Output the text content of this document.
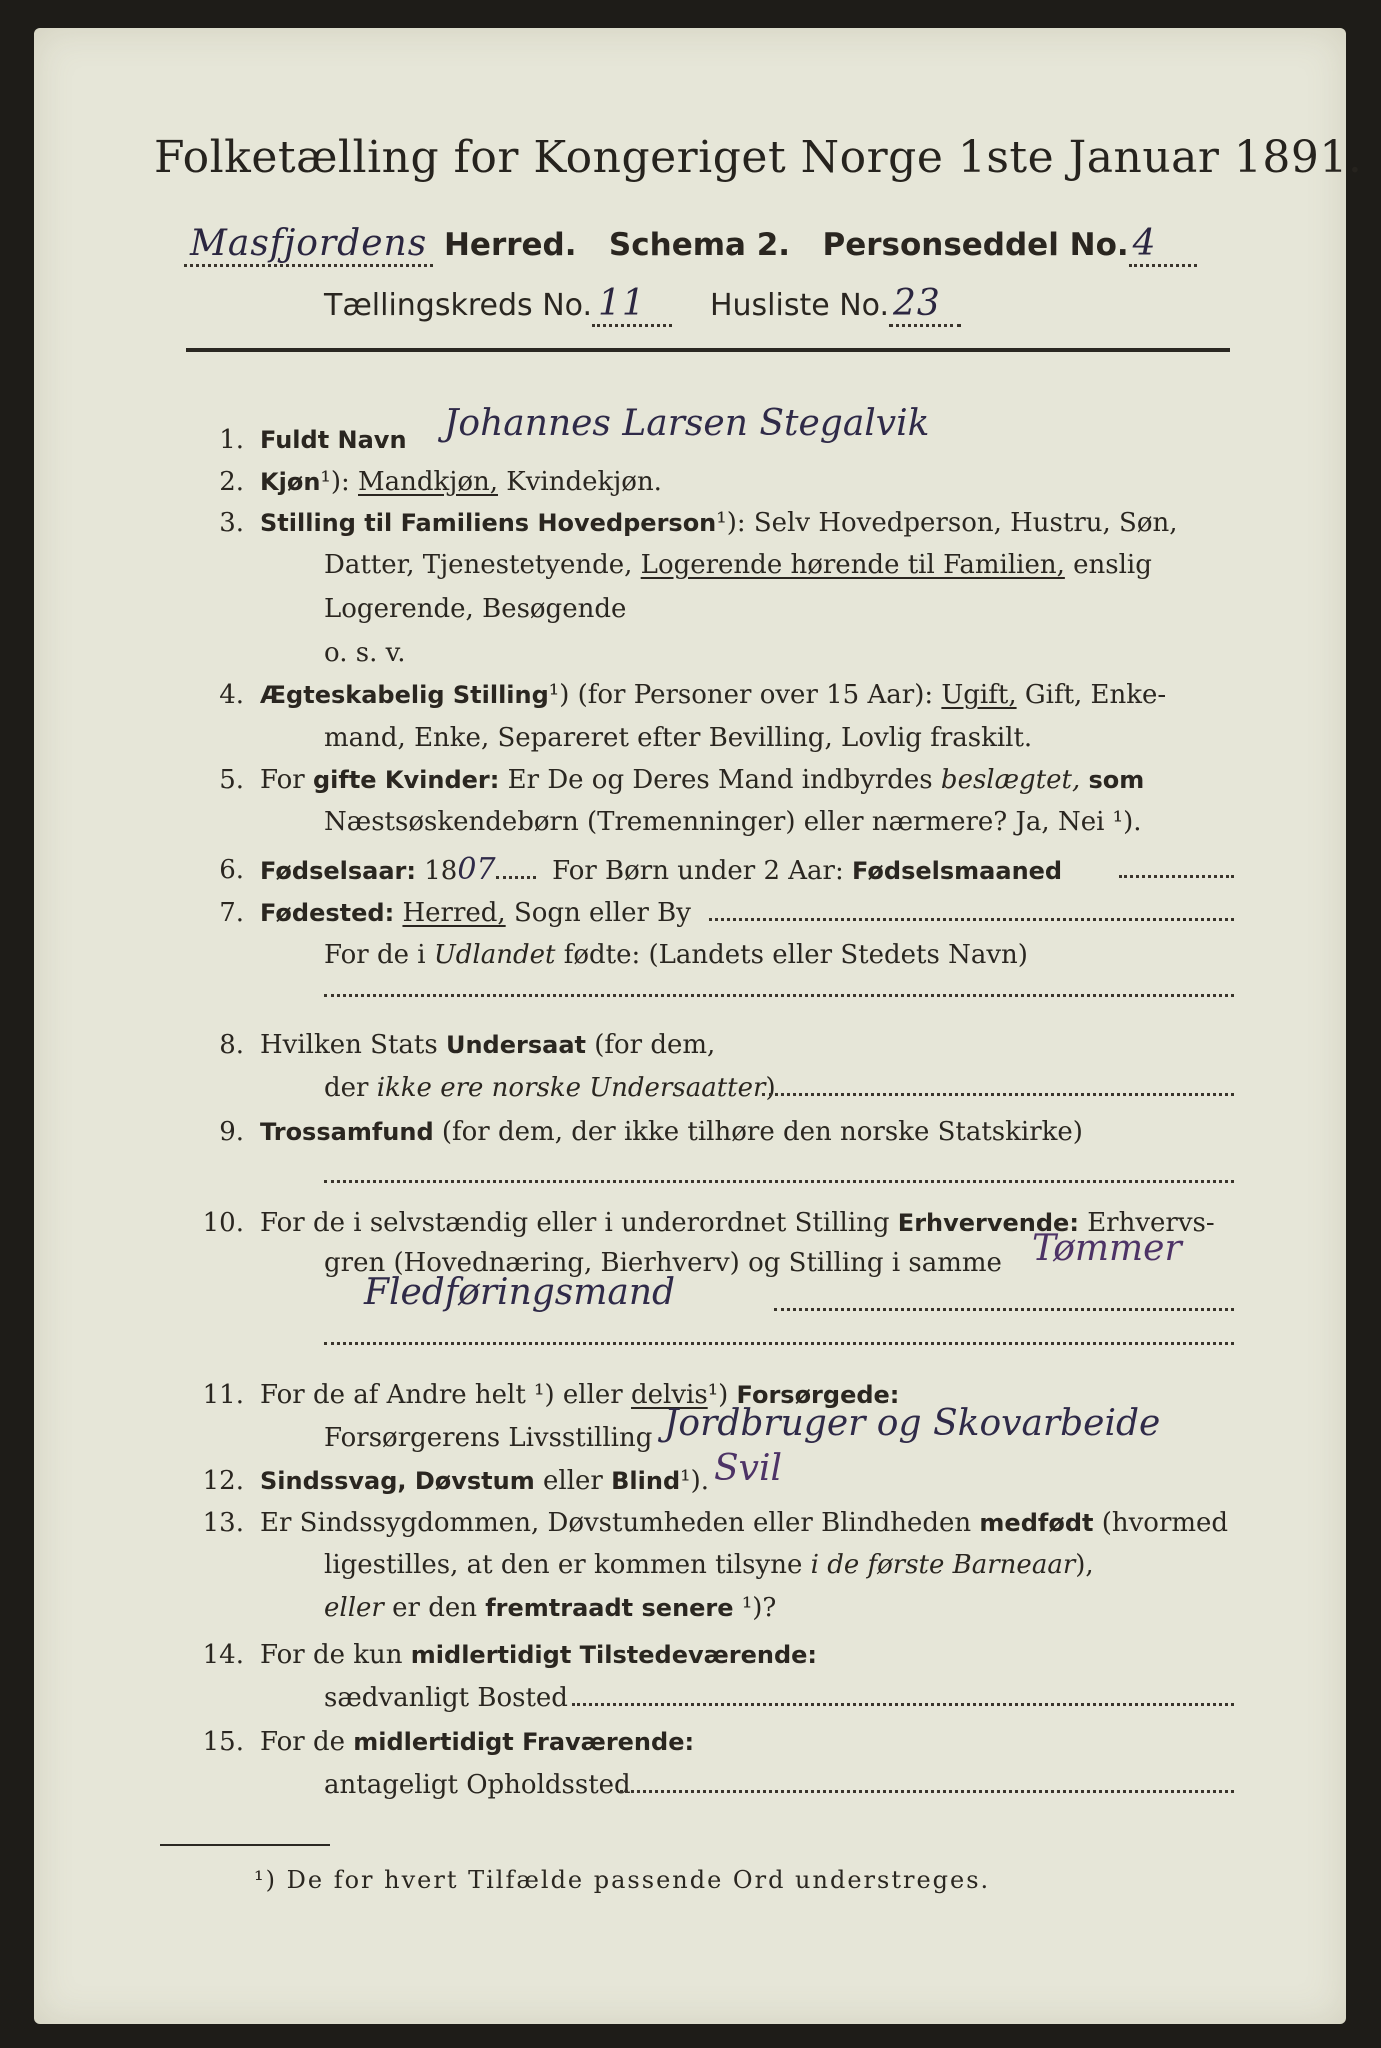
Folketælling for Kongeriget Norge 1ste Januar 1891.
Masfjordens Herred. Schema 2. Personseddel No. 4
Tællingskreds No. 11 Husliste No. 23
1. Fuldt Navn Johannes Larsen Stegalvik
2. Kjøn¹): Mandkjøn, Kvindekjøn.
3. Stilling til Familiens Hovedperson¹): Selv Hovedperson, Hustru, Søn,
Datter, Tjenestetyende, Logerende hørende til Familien, enslig
Logerende, Besøgende
o. s. v.
4. Ægteskabelig Stilling¹) (for Personer over 15 Aar): Ugift, Gift, Enke-
mand, Enke, Separeret efter Bevilling, Lovlig fraskilt.
5. For gifte Kvinder: Er De og Deres Mand indbyrdes beslægtet, som
Næstsøskendebørn (Tremenninger) eller nærmere? Ja, Nei ¹).
6. Fødselsaar: 1807 For Børn under 2 Aar: Fødselsmaaned
7. Fødested: Herred, Sogn eller By
For de i Udlandet fødte: (Landets eller Stedets Navn)
8. Hvilken Stats Undersaat (for dem,
der ikke ere norske Undersaatter)
9. Trossamfund (for dem, der ikke tilhøre den norske Statskirke)
10. For de i selvstændig eller i underordnet Stilling Erhvervende: Erhvervs-
gren (Hovednæring, Bierhverv) og Stilling i samme Tømmer
Fledføringsmand
11. For de af Andre helt ¹) eller delvis¹) Forsørgede:
Forsørgerens Livsstilling Jordbruger og Skovarbeide
12. Sindssvag, Døvstum eller Blind¹). Svil
13. Er Sindssygdommen, Døvstumheden eller Blindheden medfødt (hvormed
ligestilles, at den er kommen tilsyne i de første Barneaar),
eller er den fremtraadt senere ¹)?
14. For de kun midlertidigt Tilstedeværende:
sædvanligt Bosted
15. For de midlertidigt Fraværende:
antageligt Opholdssted
¹) De for hvert Tilfælde passende Ord understreges.
